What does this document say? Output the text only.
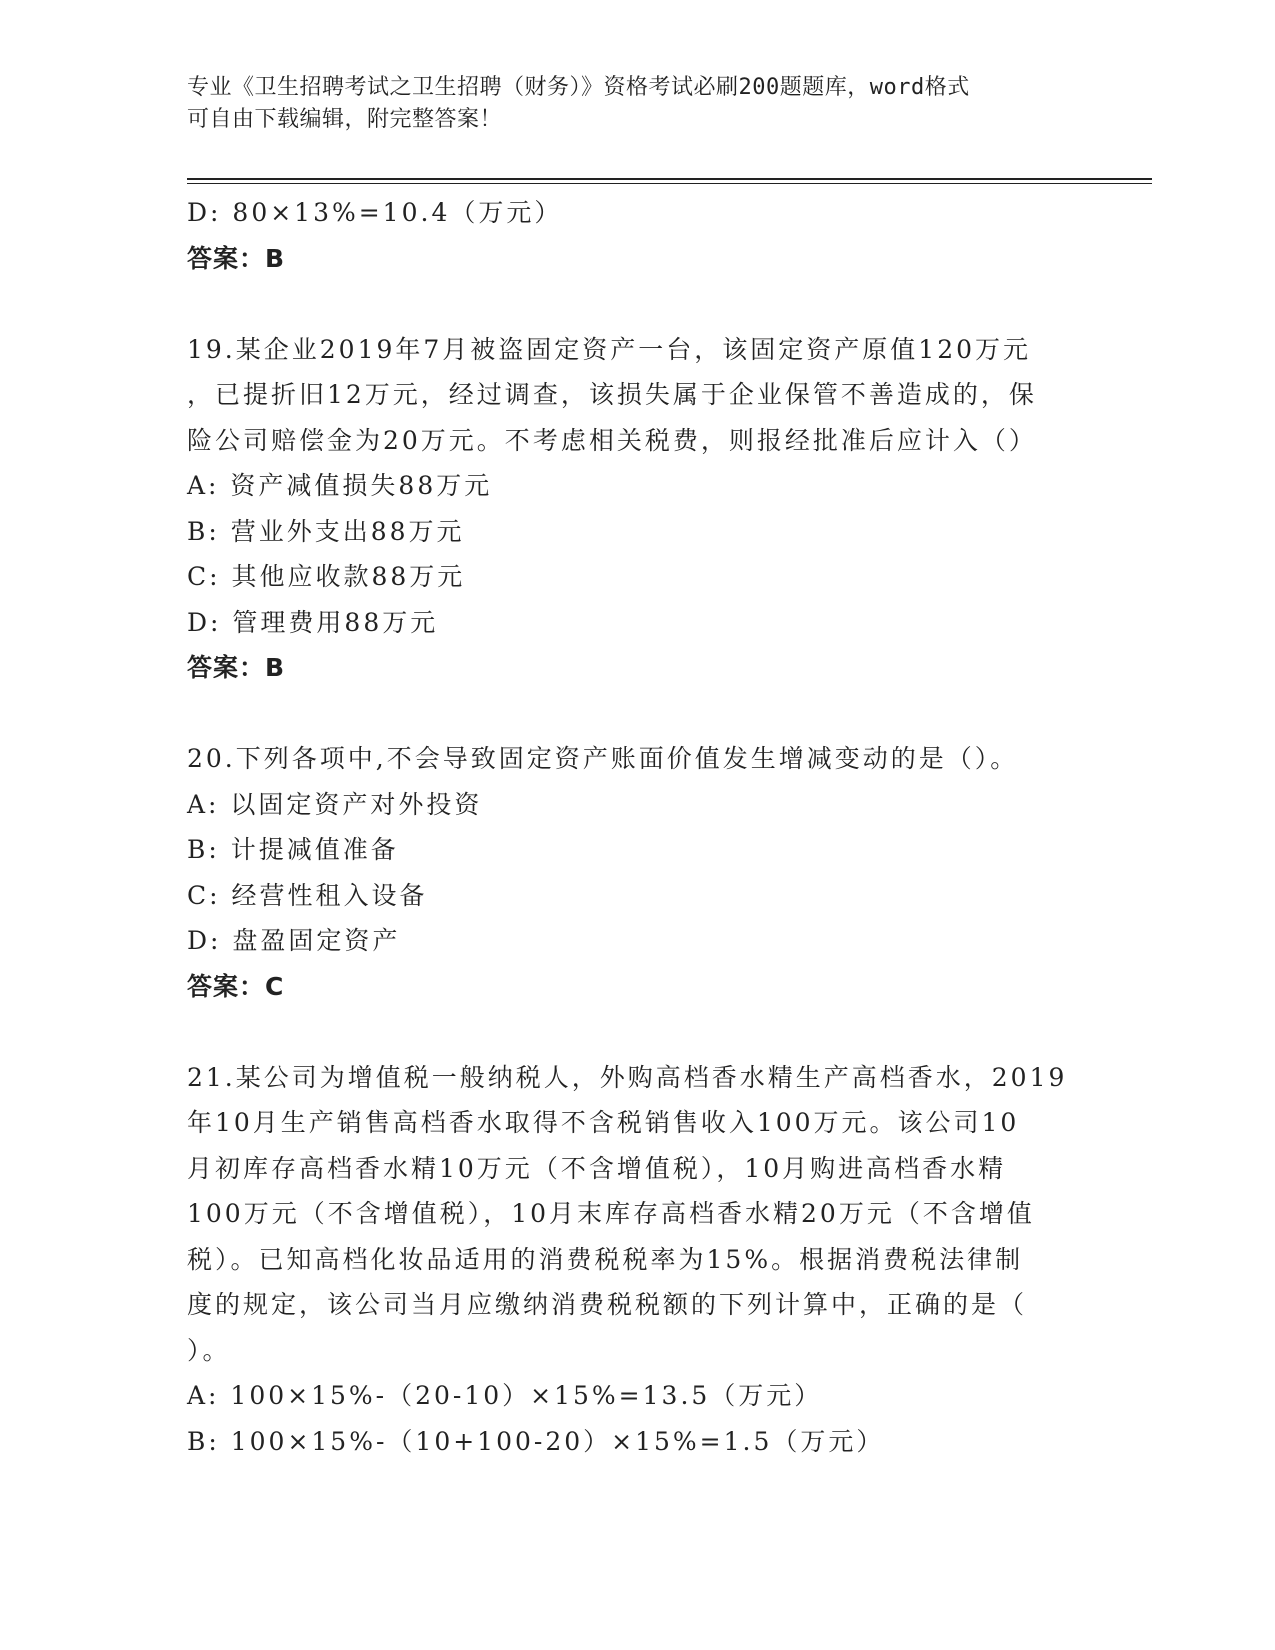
专业《卫生招聘考试之卫生招聘（财务）》资格考试必刷200题题库，word格式
可自由下载编辑，附完整答案！
D: 80×13%=10.4（万元）
答案：B
19.某企业2019年7月被盗固定资产一台，该固定资产原值120万元
，已提折旧12万元，经过调查，该损失属于企业保管不善造成的，保
险公司赔偿金为20万元。不考虑相关税费，则报经批准后应计入（）
A: 资产减值损失88万元
B: 营业外支出88万元
C: 其他应收款88万元
D: 管理费用88万元
答案：B
20.下列各项中,不会导致固定资产账面价值发生增减变动的是（）。
A: 以固定资产对外投资
B: 计提减值准备
C: 经营性租入设备
D: 盘盈固定资产
答案：C
21.某公司为增值税一般纳税人，外购高档香水精生产高档香水，2019
年10月生产销售高档香水取得不含税销售收入100万元。该公司10
月初库存高档香水精10万元（不含增值税），10月购进高档香水精
100万元（不含增值税），10月末库存高档香水精20万元（不含增值
税）。已知高档化妆品适用的消费税税率为15%。根据消费税法律制
度的规定，该公司当月应缴纳消费税税额的下列计算中，正确的是（
）。
A: 100×15%-（20-10）×15%=13.5（万元）
B: 100×15%-（10+100-20）×15%=1.5（万元）
